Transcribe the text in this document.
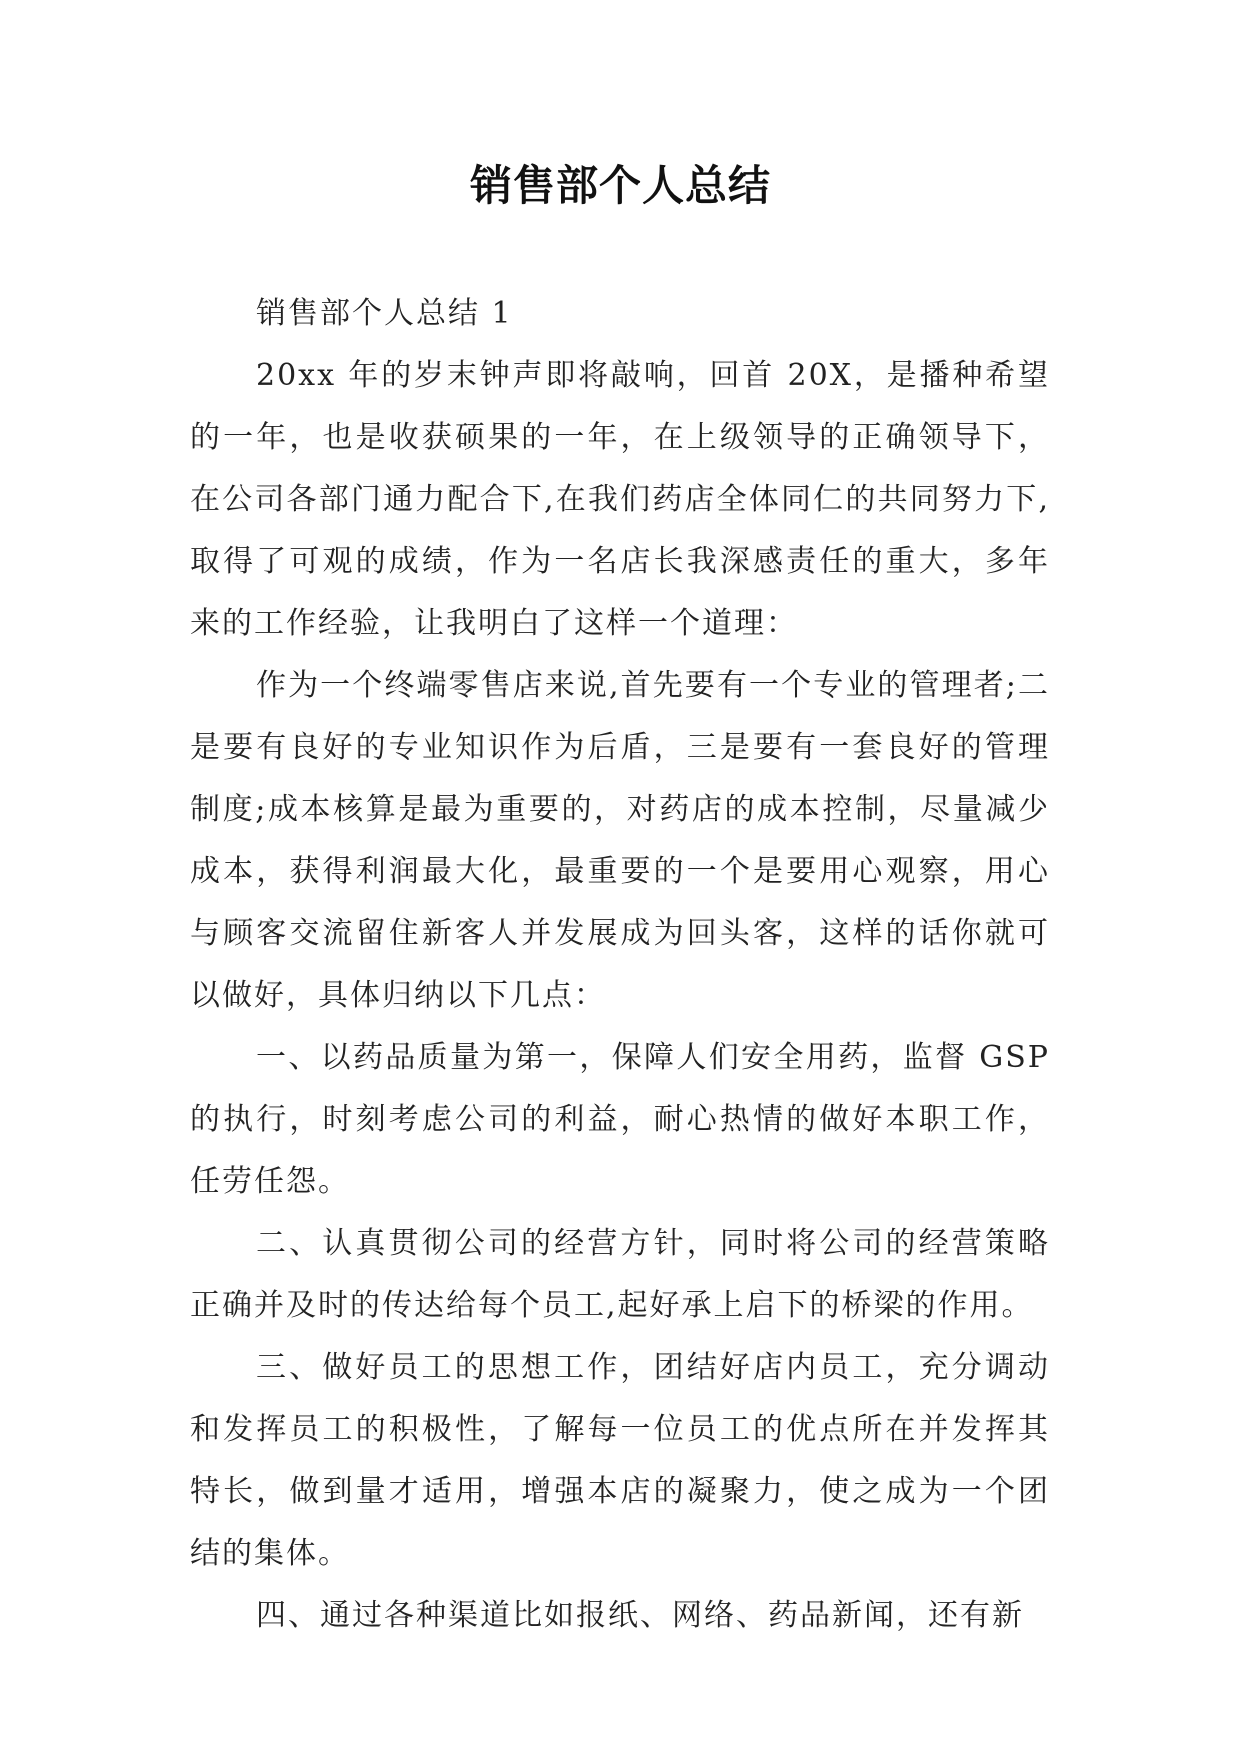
销售部个人总结

销售部个人总结 1

20xx 年的岁末钟声即将敲响，回首 20X，是播种希望的一年，也是收获硕果的一年，在上级领导的正确领导下，在公司各部门通力配合下,在我们药店全体同仁的共同努力下,取得了可观的成绩，作为一名店长我深感责任的重大，多年来的工作经验，让我明白了这样一个道理：

作为一个终端零售店来说,首先要有一个专业的管理者;二是要有良好的专业知识作为后盾，三是要有一套良好的管理制度;成本核算是最为重要的，对药店的成本控制，尽量减少成本，获得利润最大化，最重要的一个是要用心观察，用心与顾客交流留住新客人并发展成为回头客，这样的话你就可以做好，具体归纳以下几点：

一、以药品质量为第一，保障人们安全用药，监督 GSP 的执行，时刻考虑公司的利益，耐心热情的做好本职工作，任劳任怨。

二、认真贯彻公司的经营方针，同时将公司的经营策略正确并及时的传达给每个员工,起好承上启下的桥梁的作用。

三、做好员工的思想工作，团结好店内员工，充分调动和发挥员工的积极性，了解每一位员工的优点所在并发挥其特长，做到量才适用，增强本店的凝聚力，使之成为一个团结的集体。

四、通过各种渠道比如报纸、网络、药品新闻，还有新
